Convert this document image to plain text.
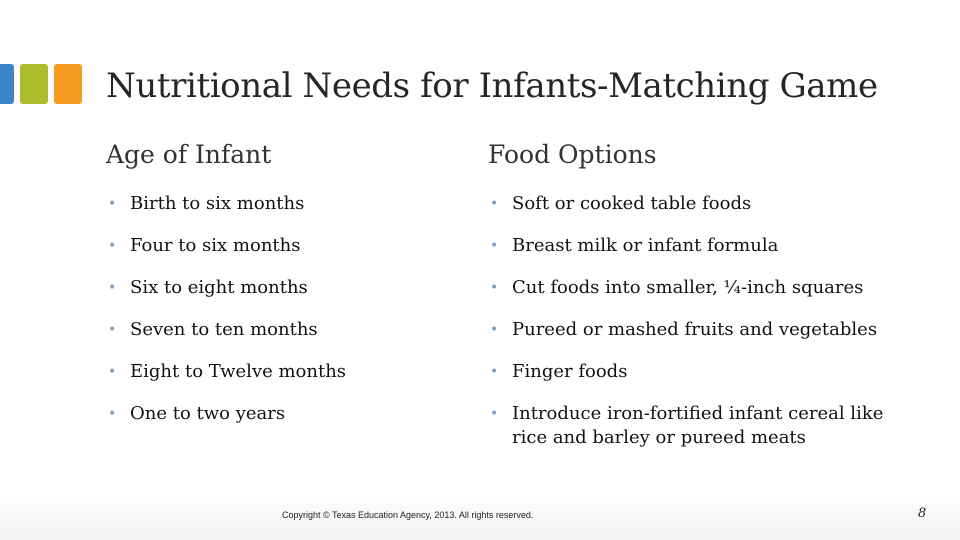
Nutritional Needs for Infants-Matching Game
Age of Infant
• Birth to six months
• Four to six months
• Six to eight months
• Seven to ten months
• Eight to Twelve months
• One to two years
Food Options
• Soft or cooked table foods
• Breast milk or infant formula
• Cut foods into smaller, ¼-inch squares
• Pureed or mashed fruits and vegetables
• Finger foods
• Introduce iron-fortified infant cereal like rice and barley or pureed meats
Copyright © Texas Education Agency, 2013. All rights reserved.	8
